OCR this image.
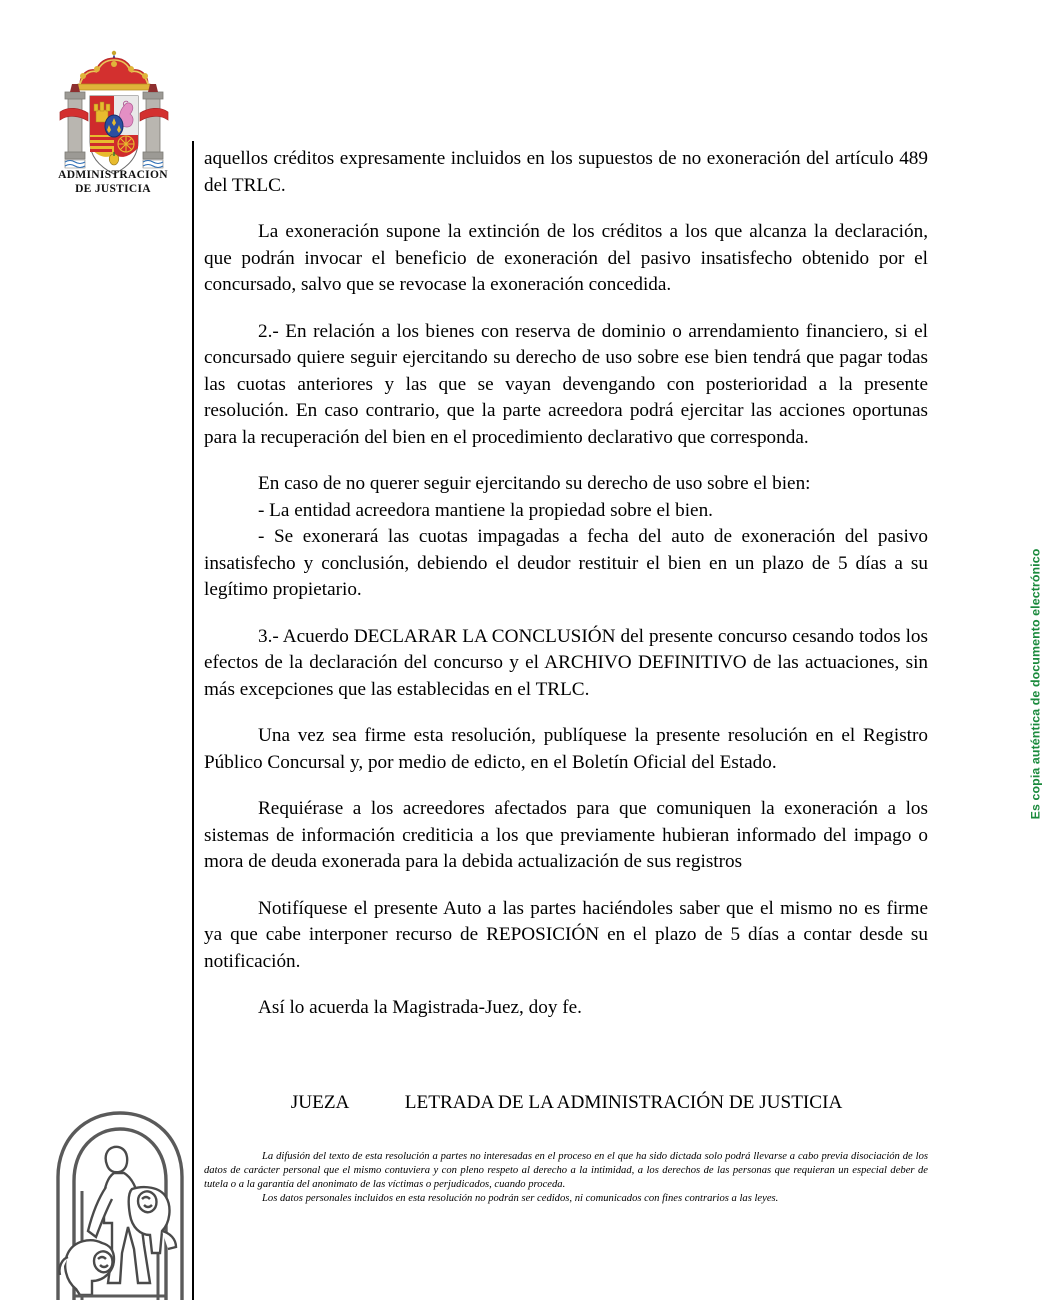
ADMINISTRACION
DE JUSTICIA

aquellos créditos expresamente incluidos en los supuestos de no exoneración del artículo 489 del TRLC.

La exoneración supone la extinción de los créditos a los que alcanza la declaración, que podrán invocar el beneficio de exoneración del pasivo insatisfecho obtenido por el concursado, salvo que se revocase la exoneración concedida.

2.- En relación a los bienes con reserva de dominio o arrendamiento financiero, si el concursado quiere seguir ejercitando su derecho de uso sobre ese bien tendrá que pagar todas las cuotas anteriores y las que se vayan devengando con posterioridad a la presente resolución. En caso contrario, que la parte acreedora podrá ejercitar las acciones oportunas para la recuperación del bien en el procedimiento declarativo que corresponda.

En caso de no querer seguir ejercitando su derecho de uso sobre el bien:

- La entidad acreedora mantiene la propiedad sobre el bien.

- Se exonerará las cuotas impagadas a fecha del auto de exoneración del pasivo insatisfecho y conclusión, debiendo el deudor restituir el bien en un plazo de 5 días a su legítimo propietario.

3.- Acuerdo DECLARAR LA CONCLUSIÓN del presente concurso cesando todos los efectos de la declaración del concurso y el ARCHIVO DEFINITIVO de las actuaciones, sin más excepciones que las establecidas en el TRLC.

Una vez sea firme esta resolución, publíquese la presente resolución en el Registro Público Concursal y, por medio de edicto, en el Boletín Oficial del Estado.

Requiérase a los acreedores afectados para que comuniquen la exoneración a los sistemas de información crediticia a los que previamente hubieran informado del impago o mora de deuda exonerada para la debida actualización de sus registros

Notifíquese el presente Auto a las partes haciéndoles saber que el mismo no es firme ya que cabe interponer recurso de REPOSICIÓN en el plazo de 5 días a contar desde su notificación.

Así lo acuerda la Magistrada-Juez, doy fe.

JUEZA	LETRADA DE LA ADMINISTRACIÓN DE JUSTICIA

La difusión del texto de esta resolución a partes no interesadas en el proceso en el que ha sido dictada solo podrá llevarse a cabo previa disociación de los datos de carácter personal que el mismo contuviera y con pleno respeto al derecho a la intimidad, a los derechos de las personas que requieran un especial deber de tutela o a la garantía del anonimato de las víctimas o perjudicados, cuando proceda.

Los datos personales incluidos en esta resolución no podrán ser cedidos, ni comunicados con fines contrarios a las leyes.

Es copia auténtica de documento electrónico
